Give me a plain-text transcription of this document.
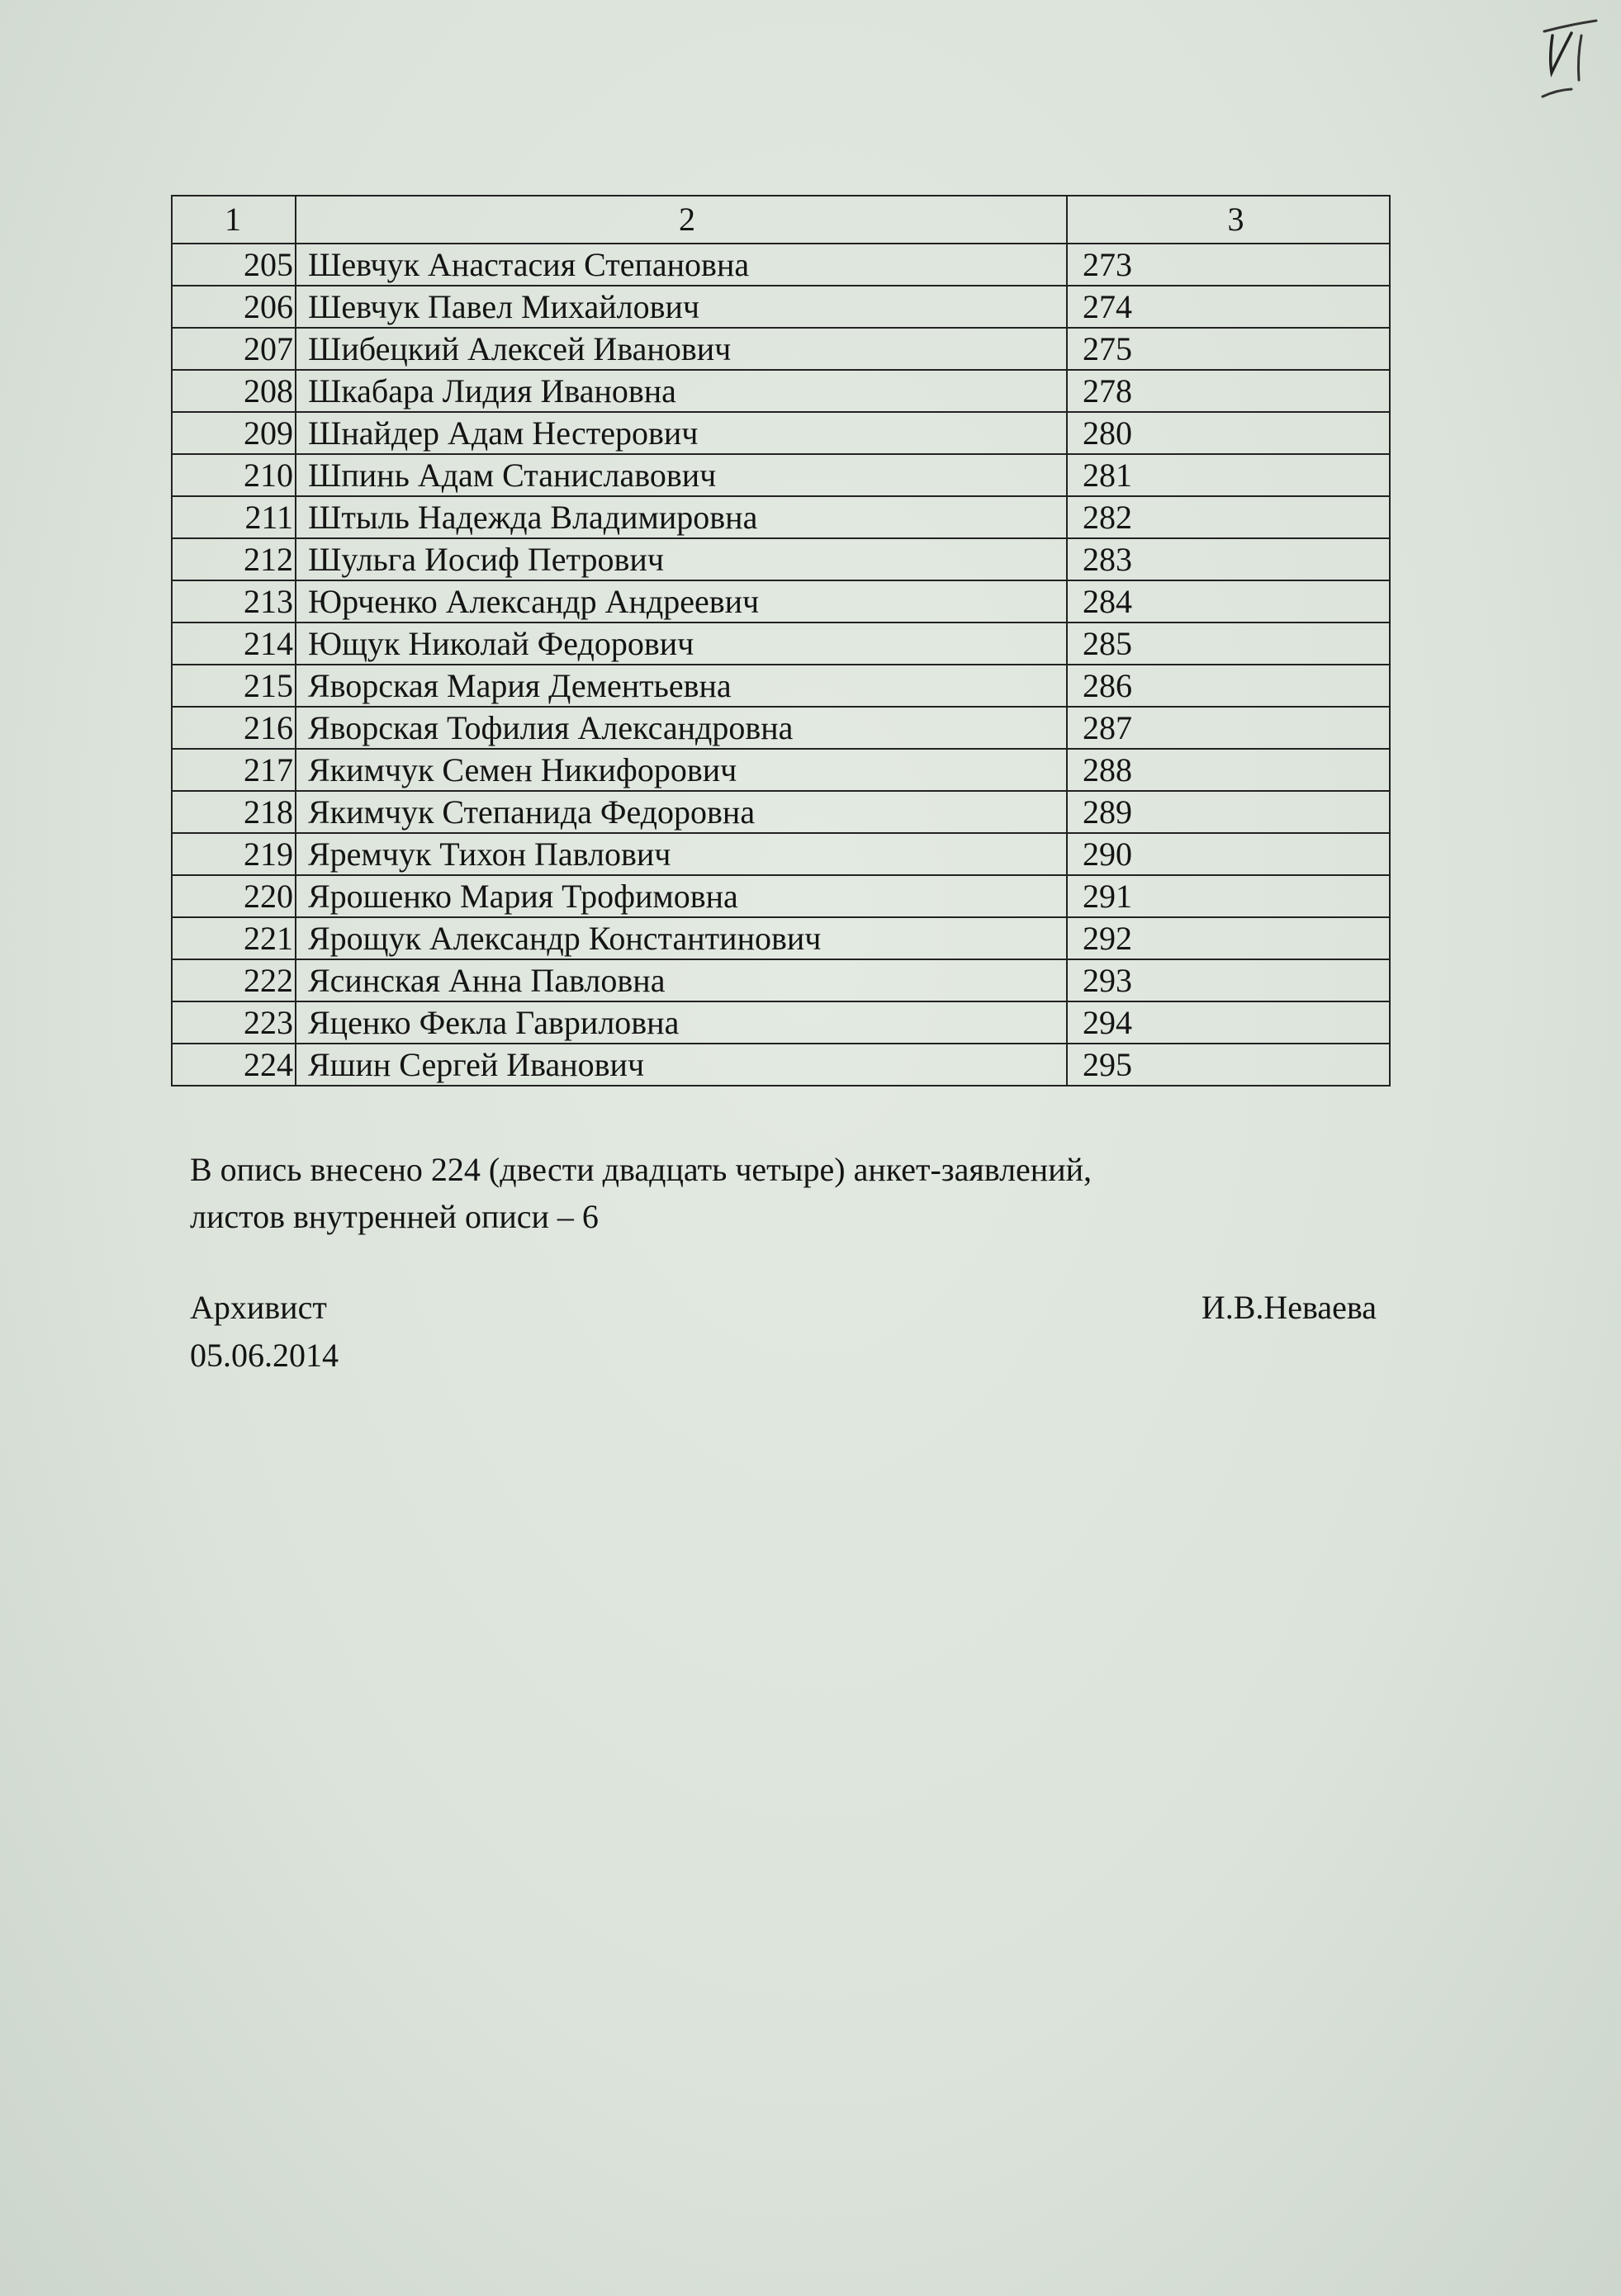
1	2	3
205	Шевчук Анастасия Степановна	273
206	Шевчук Павел Михайлович	274
207	Шибецкий Алексей Иванович	275
208	Шкабара Лидия Ивановна	278
209	Шнайдер Адам Нестерович	280
210	Шпинь Адам Станиславович	281
211	Штыль Надежда Владимировна	282
212	Шульга Иосиф Петрович	283
213	Юрченко Александр Андреевич	284
214	Ющук Николай Федорович	285
215	Яворская Мария Дементьевна	286
216	Яворская Тофилия Александровна	287
217	Якимчук Семен Никифорович	288
218	Якимчук Степанида Федоровна	289
219	Яремчук Тихон Павлович	290
220	Ярошенко Мария Трофимовна	291
221	Ярощук Александр Константинович	292
222	Ясинская Анна Павловна	293
223	Яценко Фекла Гавриловна	294
224	Яшин Сергей Иванович	295
В опись внесено 224 (двести двадцать четыре) анкет-заявлений,
листов внутренней описи – 6
Архивист
05.06.2014
И.В.Неваева
